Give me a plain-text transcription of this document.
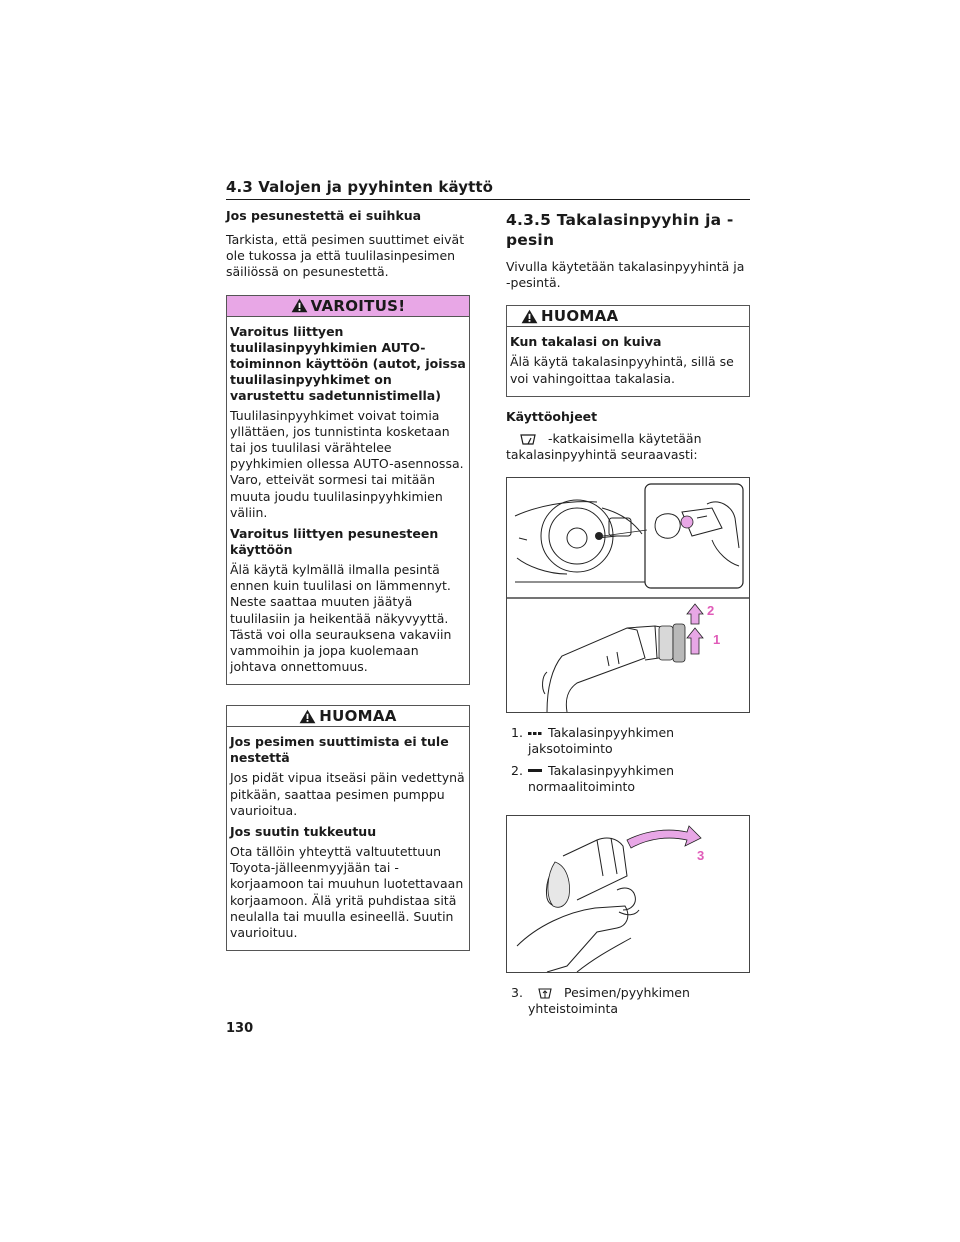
4.3 Valojen ja pyyhinten käyttö
Jos pesunestettä ei suihkua

Tarkista, että pesimen suuttimet eivät ole tukossa ja että tuulilasinpesimen säiliössä on pesunestettä.

VAROITUS!
Varoitus liittyen tuulilasinpyyhkimien AUTO-toiminnon käyttöön (autot, joissa tuulilasinpyyhkimet on varustettu sadetunnistimella)

Tuulilasinpyyhkimet voivat toimia yllättäen, jos tunnistinta kosketaan tai jos tuulilasi värähtelee pyyhkimien ollessa AUTO-asennossa. Varo, etteivät sormesi tai mitään muuta joudu tuulilasinpyyhkimien väliin.

Varoitus liittyen pesunesteen käyttöön

Älä käytä kylmällä ilmalla pesintä ennen kuin tuulilasi on lämmennyt. Neste saattaa muuten jäätyä tuulilasiin ja heikentää näkyvyyttä. Tästä voi olla seurauksena vakaviin vammoihin ja jopa kuolemaan johtava onnettomuus.

HUOMAA
Jos pesimen suuttimista ei tule nestettä

Jos pidät vipua itseäsi päin vedettynä pitkään, saattaa pesimen pumppu vaurioitua.

Jos suutin tukkeutuu

Ota tällöin yhteyttä valtuutettuun Toyota-jälleenmyyjään tai -korjaamoon tai muuhun luotettavaan korjaamoon. Älä yritä puhdistaa sitä neulalla tai muulla esineellä. Suutin vaurioituu.

4.3.5 Takalasinpyyhin ja -pesin

Vivulla käytetään takalasinpyyhintä ja -pesintä.

HUOMAA
Kun takalasi on kuiva

Älä käytä takalasinpyyhintä, sillä se voi vahingoittaa takalasia.

Käyttöohjeet

-katkaisimella käytetään takalasinpyyhintä seuraavasti:

2
1
1.	Takalasinpyyhkimen jaksotoiminto
2.	Takalasinpyyhkimen normaalitoiminto
3
3.	Pesimen/pyyhkimen yhteistoiminta
130
